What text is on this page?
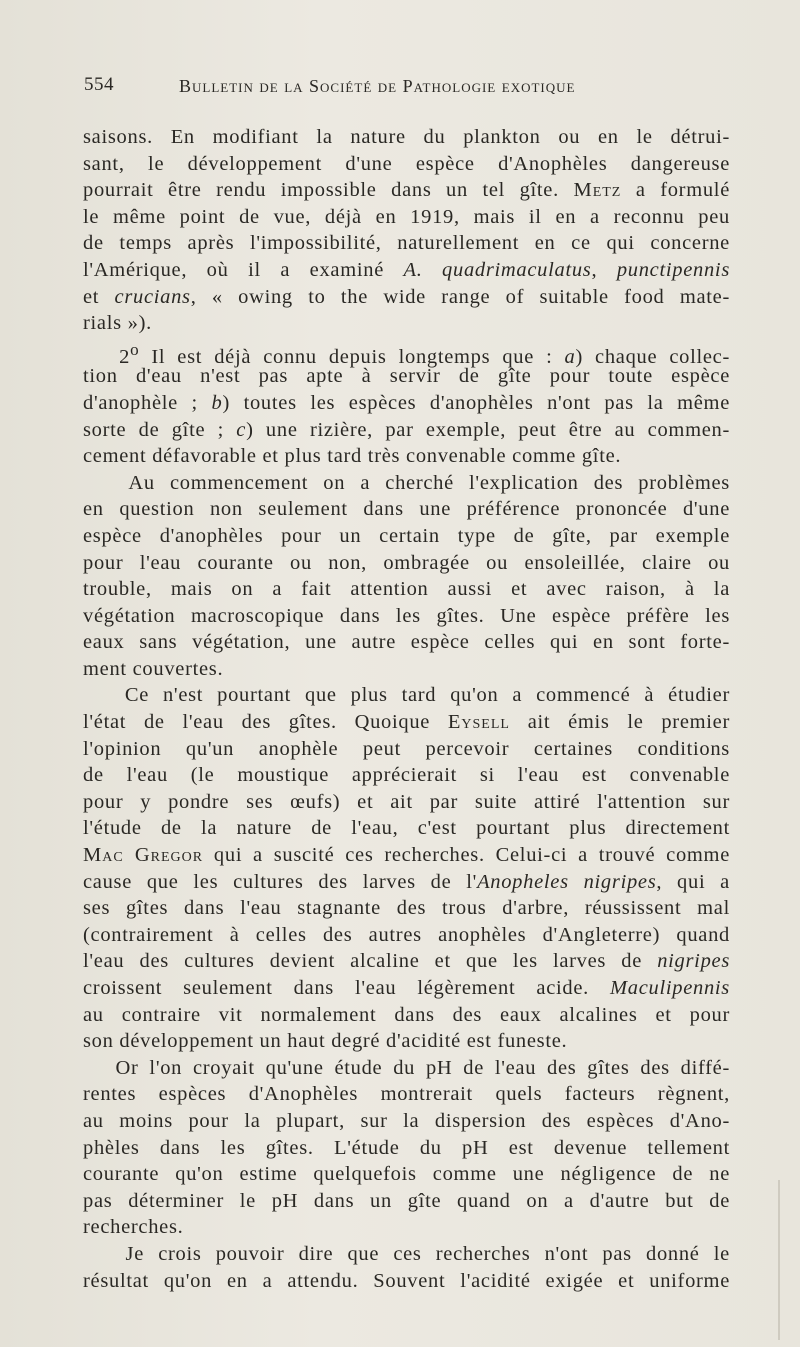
554	Bulletin de la Société de Pathologie exotique
saisons. En modifiant la nature du plankton ou en le détrui-
sant, le développement d'une espèce d'Anophèles dangereuse
pourrait être rendu impossible dans un tel gîte. Metz a formulé
le même point de vue, déjà en 1919, mais il en a reconnu peu
de temps après l'impossibilité, naturellement en ce qui concerne
l'Amérique, où il a examiné A. quadrimaculatus, punctipennis
et crucians, « owing to the wide range of suitable food mate-
rials »).
2$^o$ Il est déjà connu depuis longtemps que : a) chaque collec-
tion d'eau n'est pas apte à servir de gîte pour toute espèce
d'anophèle ; b) toutes les espèces d'anophèles n'ont pas la même
sorte de gîte ; c) une rizière, par exemple, peut être au commen-
cement défavorable et plus tard très convenable comme gîte.
Au commencement on a cherché l'explication des problèmes
en question non seulement dans une préférence prononcée d'une
espèce d'anophèles pour un certain type de gîte, par exemple
pour l'eau courante ou non, ombragée ou ensoleillée, claire ou
trouble, mais on a fait attention aussi et avec raison, à la
végétation macroscopique dans les gîtes. Une espèce préfère les
eaux sans végétation, une autre espèce celles qui en sont forte-
ment couvertes.
Ce n'est pourtant que plus tard qu'on a commencé à étudier
l'état de l'eau des gîtes. Quoique Eysell ait émis le premier
l'opinion qu'un anophèle peut percevoir certaines conditions
de l'eau (le moustique apprécierait si l'eau est convenable
pour y pondre ses œufs) et ait par suite attiré l'attention sur
l'étude de la nature de l'eau, c'est pourtant plus directement
Mac Gregor qui a suscité ces recherches. Celui-ci a trouvé comme
cause que les cultures des larves de l'Anopheles nigripes, qui a
ses gîtes dans l'eau stagnante des trous d'arbre, réussissent mal
(contrairement à celles des autres anophèles d'Angleterre) quand
l'eau des cultures devient alcaline et que les larves de nigripes
croissent seulement dans l'eau légèrement acide. Maculipennis
au contraire vit normalement dans des eaux alcalines et pour
son développement un haut degré d'acidité est funeste.
Or l'on croyait qu'une étude du pH de l'eau des gîtes des diffé-
rentes espèces d'Anophèles montrerait quels facteurs règnent,
au moins pour la plupart, sur la dispersion des espèces d'Ano-
phèles dans les gîtes. L'étude du pH est devenue tellement
courante qu'on estime quelquefois comme une négligence de ne
pas déterminer le pH dans un gîte quand on a d'autre but de
recherches.
Je crois pouvoir dire que ces recherches n'ont pas donné le
résultat qu'on en a attendu. Souvent l'acidité exigée et uniforme
